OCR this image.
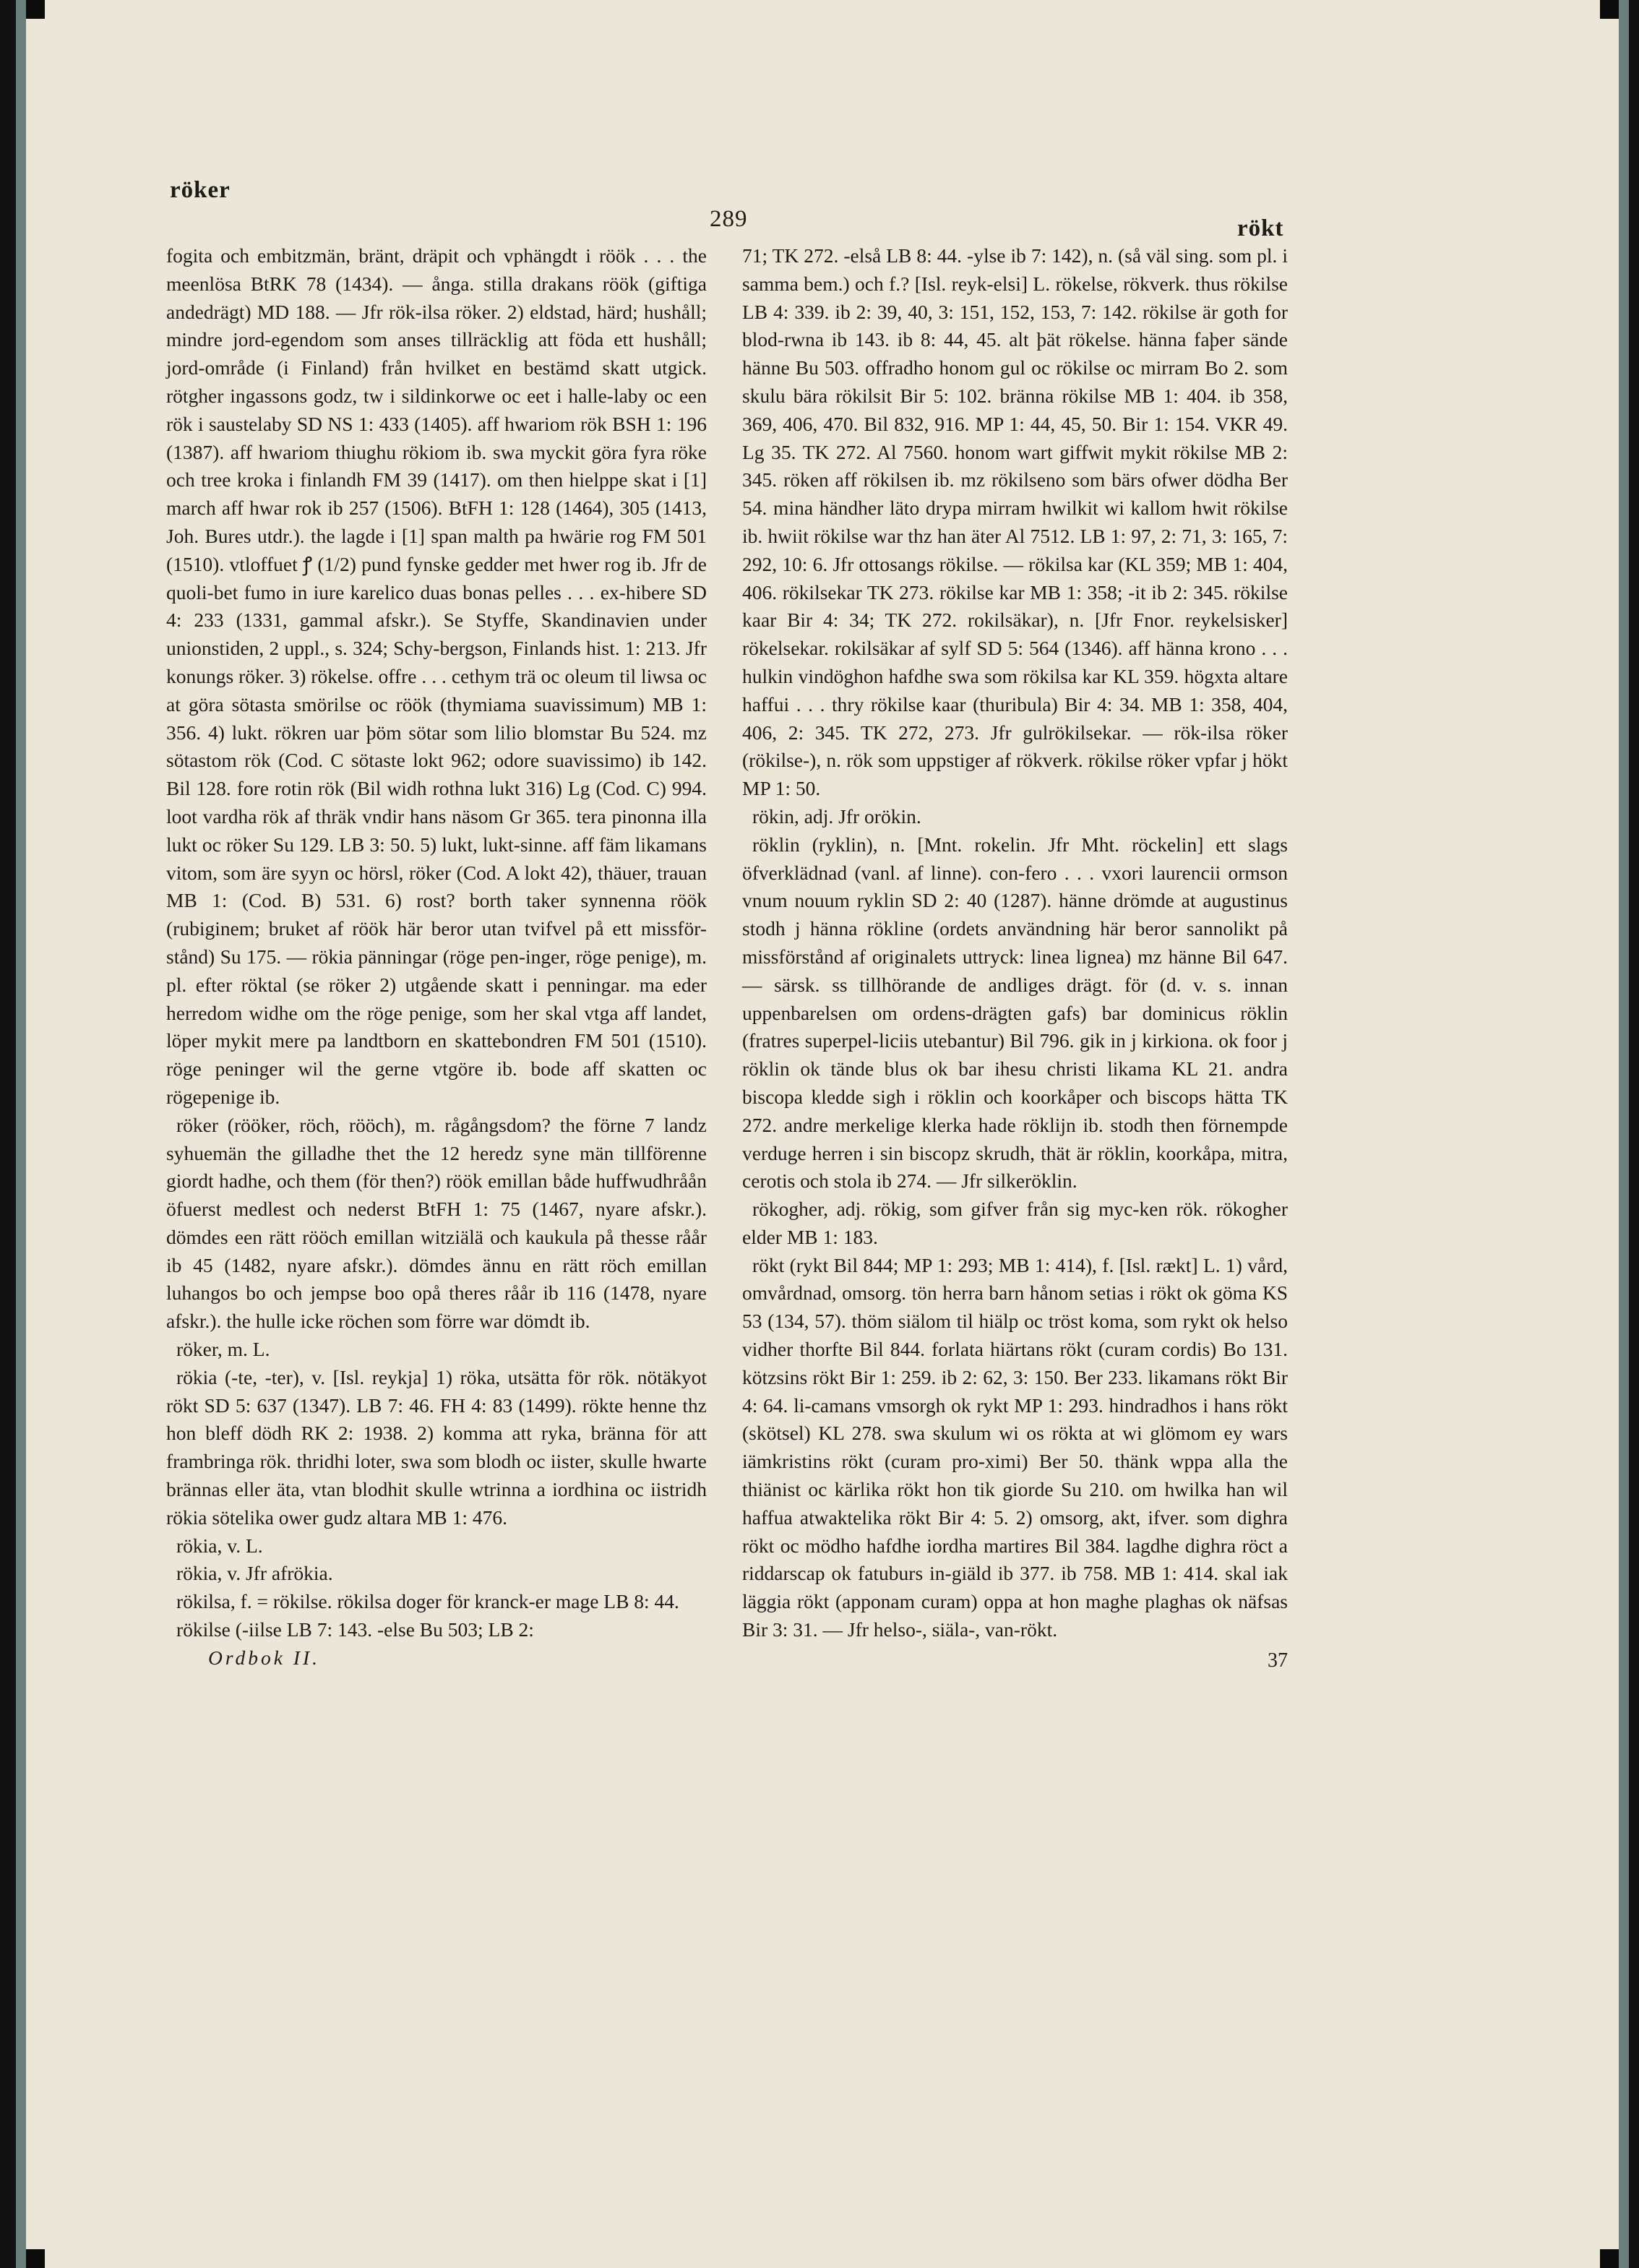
röker
289	rökt

fogita och embitzmän, bränt, dräpit och vphängdt i röök . . . the meenlösa BtRK 78 (1434). — ånga. stilla drakans röök (giftiga andedrägt) MD 188. — Jfr rök-ilsa röker. 2) eldstad, härd; hushåll; mindre jord-egendom som anses tillräcklig att föda ett hushåll; jord-område (i Finland) från hvilket en bestämd skatt utgick. rötgher ingassons godz, tw i sildinkorwe oc eet i halle-laby oc een rök i saustelaby SD NS 1: 433 (1405). aff hwariom rök BSH 1: 196 (1387). aff hwariom thiughu rökiom ib. swa myckit göra fyra röke och tree kroka i finlandh FM 39 (1417). om then hielppe skat i [1] march aff hwar rok ib 257 (1506). BtFH 1: 128 (1464), 305 (1413, Joh. Bures utdr.). the lagde i [1] span malth pa hwärie rog FM 501 (1510). vtloffuet ꝭ (1/2) pund fynske gedder met hwer rog ib. Jfr de quoli-bet fumo in iure karelico duas bonas pelles . . . ex-hibere SD 4: 233 (1331, gammal afskr.). Se Styffe, Skandinavien under unionstiden, 2 uppl., s. 324; Schy-bergson, Finlands hist. 1: 213. Jfr konungs röker. 3) rökelse. offre . . . cethym trä oc oleum til liwsa oc at göra sötasta smörilse oc röök (thymiama suavissimum) MB 1: 356. 4) lukt. rökren uar þöm sötar som lilio blomstar Bu 524. mz sötastom rök (Cod. C sötaste lokt 962; odore suavissimo) ib 142. Bil 128. fore rotin rök (Bil widh rothna lukt 316) Lg (Cod. C) 994. loot vardha rök af thräk vndir hans näsom Gr 365. tera pinonna illa lukt oc röker Su 129. LB 3: 50. 5) lukt, lukt-sinne. aff fäm likamans vitom, som äre syyn oc hörsl, röker (Cod. A lokt 42), thäuer, trauan MB 1: (Cod. B) 531. 6) rost? borth taker synnenna röök (rubiginem; bruket af röök här beror utan tvifvel på ett missför-stånd) Su 175. — rökia pänningar (röge pen-inger, röge penige), m. pl. efter röktal (se röker 2) utgående skatt i penningar. ma eder herredom widhe om the röge penige, som her skal vtga aff landet, löper mykit mere pa landtborn en skattebondren FM 501 (1510). röge peninger wil the gerne vtgöre ib. bode aff skatten oc rögepenige ib.

röker (rööker, röch, rööch), m. rågångsdom? the förne 7 landz syhuemän the gilladhe thet the 12 heredz syne män tillförenne giordt hadhe, och them (för then?) röök emillan både huffwudhråån öfuerst medlest och nederst BtFH 1: 75 (1467, nyare afskr.). dömdes een rätt rööch emillan witziälä och kaukula på thesse råår ib 45 (1482, nyare afskr.). dömdes ännu en rätt röch emillan luhangos bo och jempse boo opå theres råår ib 116 (1478, nyare afskr.). the hulle icke röchen som förre war dömdt ib.

röker, m. L.

rökia (-te, -ter), v. [Isl. reykja] 1) röka, utsätta för rök. nötäkyot rökt SD 5: 637 (1347). LB 7: 46. FH 4: 83 (1499). rökte henne thz hon bleff dödh RK 2: 1938. 2) komma att ryka, bränna för att frambringa rök. thridhi loter, swa som blodh oc iister, skulle hwarte brännas eller äta, vtan blodhit skulle wtrinna a iordhina oc iistridh rökia sötelika ower gudz altara MB 1: 476.

rökia, v. L.

rökia, v. Jfr afrökia.

rökilsa, f. = rökilse. rökilsa doger för kranck-er mage LB 8: 44.

rökilse (-iilse LB 7: 143. -else Bu 503; LB 2:

Ordbok II.

71; TK 272. -elså LB 8: 44. -ylse ib 7: 142), n. (så väl sing. som pl. i samma bem.) och f.? [Isl. reyk-elsi] L. rökelse, rökverk. thus rökilse LB 4: 339. ib 2: 39, 40, 3: 151, 152, 153, 7: 142. rökilse är goth for blod-rwna ib 143. ib 8: 44, 45. alt þät rökelse. hänna faþer sände hänne Bu 503. offradho honom gul oc rökilse oc mirram Bo 2. som skulu bära rökilsit Bir 5: 102. bränna rökilse MB 1: 404. ib 358, 369, 406, 470. Bil 832, 916. MP 1: 44, 45, 50. Bir 1: 154. VKR 49. Lg 35. TK 272. Al 7560. honom wart giffwit mykit rökilse MB 2: 345. röken aff rökilsen ib. mz rökilseno som bärs ofwer dödha Ber 54. mina händher läto drypa mirram hwilkit wi kallom hwit rökilse ib. hwiit rökilse war thz han äter Al 7512. LB 1: 97, 2: 71, 3: 165, 7: 292, 10: 6. Jfr ottosangs rökilse. — rökilsa kar (KL 359; MB 1: 404, 406. rökilsekar TK 273. rökilse kar MB 1: 358; -it ib 2: 345. rökilse kaar Bir 4: 34; TK 272. rokilsäkar), n. [Jfr Fnor. reykelsisker] rökelsekar. rokilsäkar af sylf SD 5: 564 (1346). aff hänna krono . . . hulkin vindöghon hafdhe swa som rökilsa kar KL 359. högxta altare haffui . . . thry rökilse kaar (thuribula) Bir 4: 34. MB 1: 358, 404, 406, 2: 345. TK 272, 273. Jfr gulrökilsekar. — rök-ilsa röker (rökilse-), n. rök som uppstiger af rökverk. rökilse röker vpfar j hökt MP 1: 50.

rökin, adj. Jfr orökin.

röklin (ryklin), n. [Mnt. rokelin. Jfr Mht. röckelin] ett slags öfverklädnad (vanl. af linne). con-fero . . . vxori laurencii ormson vnum nouum ryklin SD 2: 40 (1287). hänne drömde at augustinus stodh j hänna rökline (ordets användning här beror sannolikt på missförstånd af originalets uttryck: linea lignea) mz hänne Bil 647. — särsk. ss tillhörande de andliges drägt. för (d. v. s. innan uppenbarelsen om ordens-drägten gafs) bar dominicus röklin (fratres superpel-liciis utebantur) Bil 796. gik in j kirkiona. ok foor j röklin ok tände blus ok bar ihesu christi likama KL 21. andra biscopa kledde sigh i röklin och koorkåper och biscops hätta TK 272. andre merkelige klerka hade röklijn ib. stodh then förnempde verduge herren i sin biscopz skrudh, thät är röklin, koorkåpa, mitra, cerotis och stola ib 274. — Jfr silkeröklin.

rökogher, adj. rökig, som gifver från sig myc-ken rök. rökogher elder MB 1: 183.

rökt (rykt Bil 844; MP 1: 293; MB 1: 414), f. [Isl. rækt] L. 1) vård, omvårdnad, omsorg. tön herra barn hånom setias i rökt ok göma KS 53 (134, 57). thöm siälom til hiälp oc tröst koma, som rykt ok helso vidher thorfte Bil 844. forlata hiärtans rökt (curam cordis) Bo 131. kötzsins rökt Bir 1: 259. ib 2: 62, 3: 150. Ber 233. likamans rökt Bir 4: 64. li-camans vmsorgh ok rykt MP 1: 293. hindradhos i hans rökt (skötsel) KL 278. swa skulum wi os rökta at wi glömom ey wars iämkristins rökt (curam pro-ximi) Ber 50. thänk wppa alla the thiänist oc kärlika rökt hon tik giorde Su 210. om hwilka han wil haffua atwaktelika rökt Bir 4: 5. 2) omsorg, akt, ifver. som dighra rökt oc mödho hafdhe iordha martires Bil 384. lagdhe dighra röct a riddarscap ok fatuburs in-giäld ib 377. ib 758. MB 1: 414. skal iak läggia rökt (apponam curam) oppa at hon maghe plaghas ok näfsas Bir 3: 31. — Jfr helso-, siäla-, van-rökt.

37
